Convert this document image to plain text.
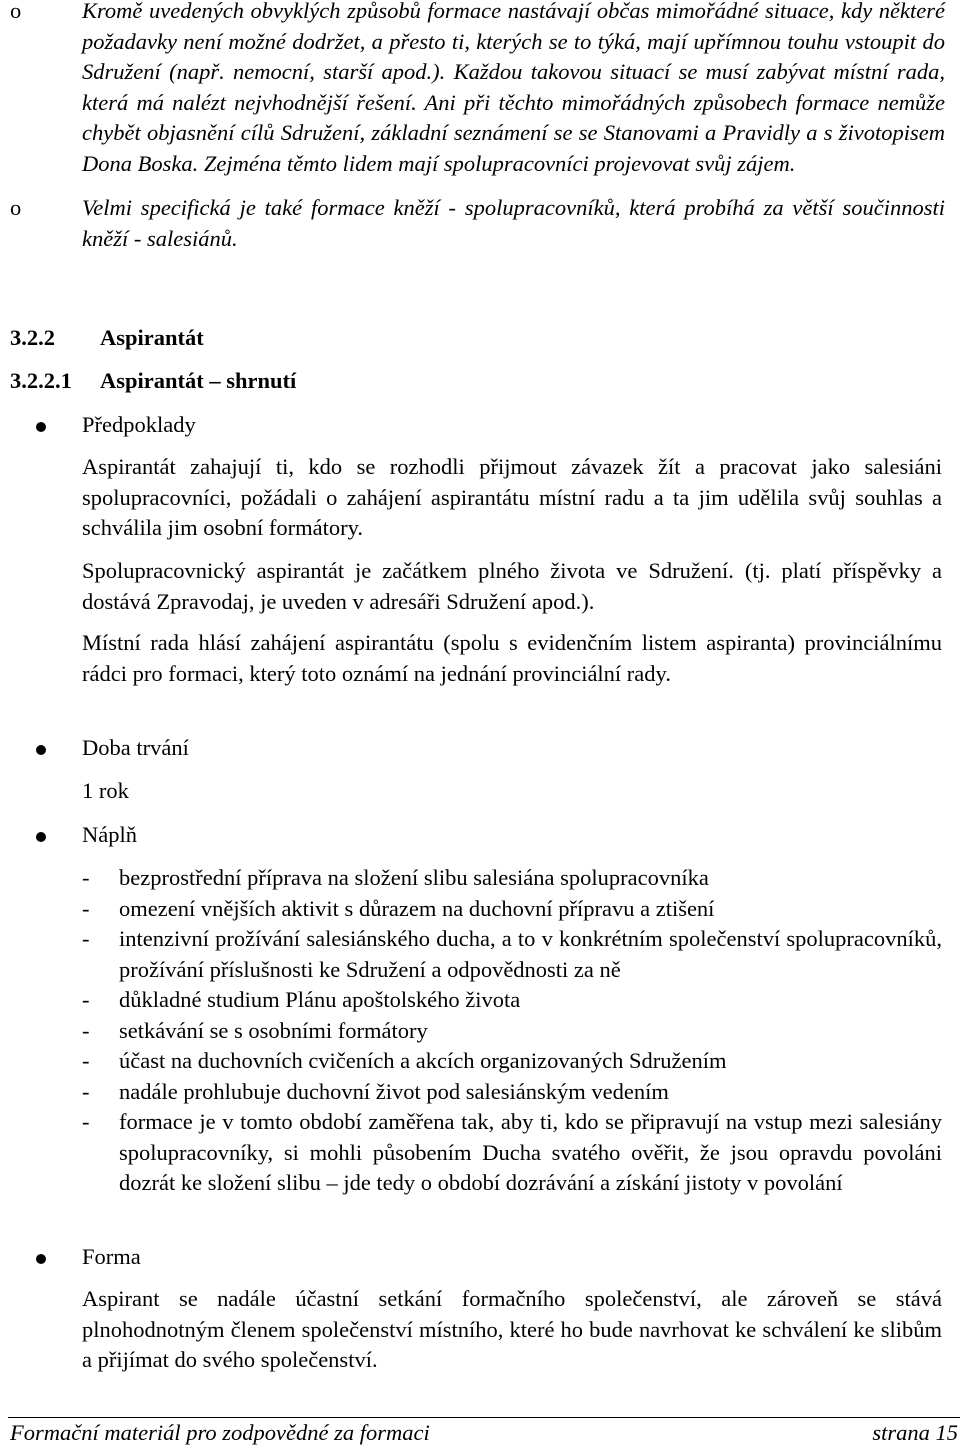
o	Kromě uvedených obvyklých způsobů formace nastávají občas mimořádné situace, kdy některé požadavky není možné dodržet, a přesto ti, kterých se to týká, mají upřímnou touhu vstoupit do Sdružení (např. nemocní, starší apod.). Každou takovou situací se musí zabývat místní rada, která má nalézt nejvhodnější řešení. Ani při těchto mimořádných způsobech formace nemůže chybět objasnění cílů Sdružení, základní seznámení se se Stanovami a Pravidly a s životopisem Dona Boska. Zejména těmto lidem mají spolupracovníci projevovat svůj zájem.
o	Velmi specifická je také formace kněží - spolupracovníků, která probíhá za větší součinnosti kněží - salesiánů.
3.2.2 Aspirantát
3.2.2.1 Aspirantát – shrnutí
Předpoklady

Aspirantát zahajují ti, kdo se rozhodli přijmout závazek žít a pracovat jako salesiáni spolupracovníci, požádali o zahájení aspirantátu místní radu a ta jim udělila svůj souhlas a schválila jim osobní formátory.

Spolupracovnický aspirantát je začátkem plného života ve Sdružení. (tj. platí příspěvky a dostává Zpravodaj, je uveden v adresáři Sdružení apod.).

Místní rada hlásí zahájení aspirantátu (spolu s evidenčním listem aspiranta) provinciálnímu rádci pro formaci, který toto oznámí na jednání provinciální rady.

Doba trvání

1 rok

Náplň
- bezprostřední příprava na složení slibu salesiána spolupracovníka
- omezení vnějších aktivit s důrazem na duchovní přípravu a ztišení
- intenzivní prožívání salesiánského ducha, a to v konkrétním společenství spolupracovníků, prožívání příslušnosti ke Sdružení a odpovědnosti za ně
- důkladné studium Plánu apoštolského života
- setkávání se s osobními formátory
- účast na duchovních cvičeních a akcích organizovaných Sdružením
- nadále prohlubuje duchovní život pod salesiánským vedením
- formace je v tomto období zaměřena tak, aby ti, kdo se připravují na vstup mezi salesiány spolupracovníky, si mohli působením Ducha svatého ověřit, že jsou opravdu povoláni dozrát ke složení slibu – jde tedy o období dozrávání a získání jistoty v povolání
Forma

Aspirant se nadále účastní setkání formačního společenství, ale zároveň se stává plnohodnotným členem společenství místního, které ho bude navrhovat ke schválení ke slibům a přijímat do svého společenství.

Formační materiál pro zodpovědné za formaci	strana 15
